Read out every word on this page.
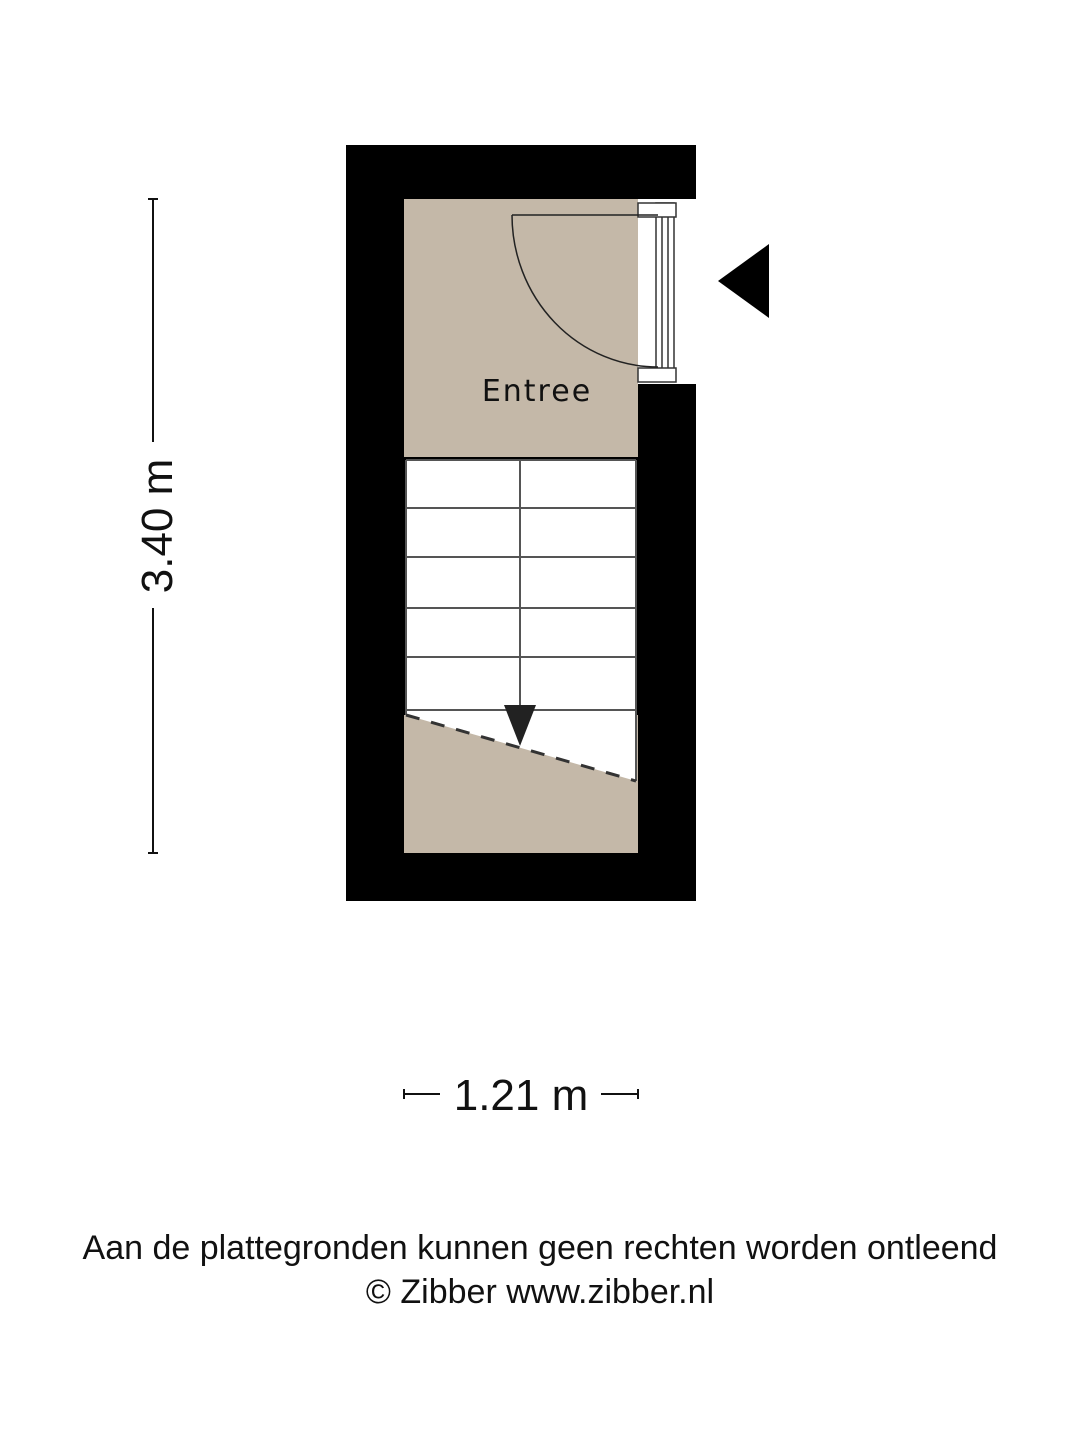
Entree
3.40 m
1.21 m
Aan de plattegronden kunnen geen rechten worden ontleend
© Zibber www.zibber.nl
